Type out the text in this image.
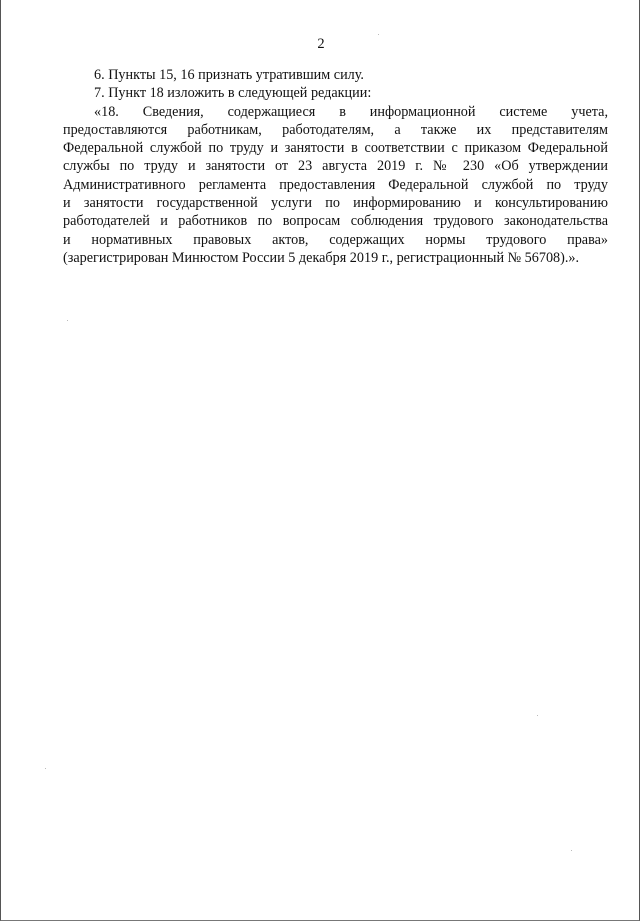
2

6. Пункты 15, 16 признать утратившим силу.

7. Пункт 18 изложить в следующей редакции:

«18. Сведения, содержащиеся в информационной системе учета,
предоставляются работникам, работодателям, а также их представителям
Федеральной службой по труду и занятости в соответствии с приказом Федеральной
службы по труду и занятости от 23 августа 2019 г. № 230 «Об утверждении
Административного регламента предоставления Федеральной службой по труду
и занятости государственной услуги по информированию и консультированию
работодателей и работников по вопросам соблюдения трудового законодательства
и нормативных правовых актов, содержащих нормы трудового права»
(зарегистрирован Минюстом России 5 декабря 2019 г., регистрационный № 56708).».
